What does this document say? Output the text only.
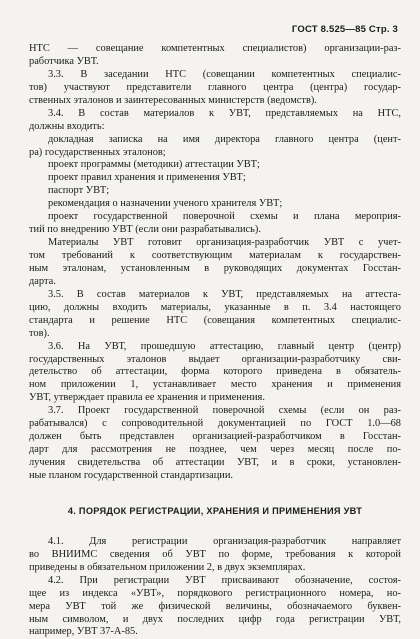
ГОСТ 8.525—85 Стр. 3
НТС — совещание компетентных специалистов) организации-раз-
работчика УВТ.
3.3. В заседании НТС (совещании компетентных специалис-
тов) участвуют представители главного центра (центра) государ-
ственных эталонов и заинтересованных министерств (ведомств).
3.4. В состав материалов к УВТ, представляемых на НТС,
должны входить:
докладная записка на имя директора главного центра (цент-
ра) государственных эталонов;
проект программы (методики) аттестации УВТ;
проект правил хранения и применения УВТ;
паспорт УВТ;
рекомендация о назначении ученого хранителя УВТ;
проект государственной поверочной схемы и плана мероприя-
тий по внедрению УВТ (если они разрабатывались).
Материалы УВТ готовит организация-разработчик УВТ с учет-
том требований к соответствующим материалам к государствен-
ным эталонам, установленным в руководящих документах Госстан-
дарта.
3.5. В состав материалов к УВТ, представляемых на аттеста-
цию, должны входить материалы, указанные в п. 3.4 настоящего
стандарта и решение НТС (совещания компетентных специалис-
тов).
3.6. На УВТ, прошедшую аттестацию, главный центр (центр)
государственных эталонов выдает организации-разработчику сви-
детельство об аттестации, форма которого приведена в обязатель-
ном приложении 1, устанавливает место хранения и применения
УВТ, утверждает правила ее хранения и применения.
3.7. Проект государственной поверочной схемы (если он раз-
рабатывался) с сопроводительной документацией по ГОСТ 1.0—68
должен быть представлен организацией-разработчиком в Госстан-
дарт для рассмотрения не позднее, чем через месяц после по-
лучения свидетельства об аттестации УВТ, и в сроки, установлен-
ные планом государственной стандартизации.
4. ПОРЯДОК РЕГИСТРАЦИИ, ХРАНЕНИЯ И ПРИМЕНЕНИЯ УВТ
4.1. Для регистрации организация-разработчик направляет
во ВНИИМС сведения об УВТ по форме, требования к которой
приведены в обязательном приложении 2, в двух экземплярах.
4.2. При регистрации УВТ присваивают обозначение, состоя-
щее из индекса «УВТ», порядкового регистрационного номера, но-
мера УВТ той же физической величины, обозначаемого буквен-
ным символом, и двух последних цифр года регистрации УВТ,
например, УВТ 37-А-85.
